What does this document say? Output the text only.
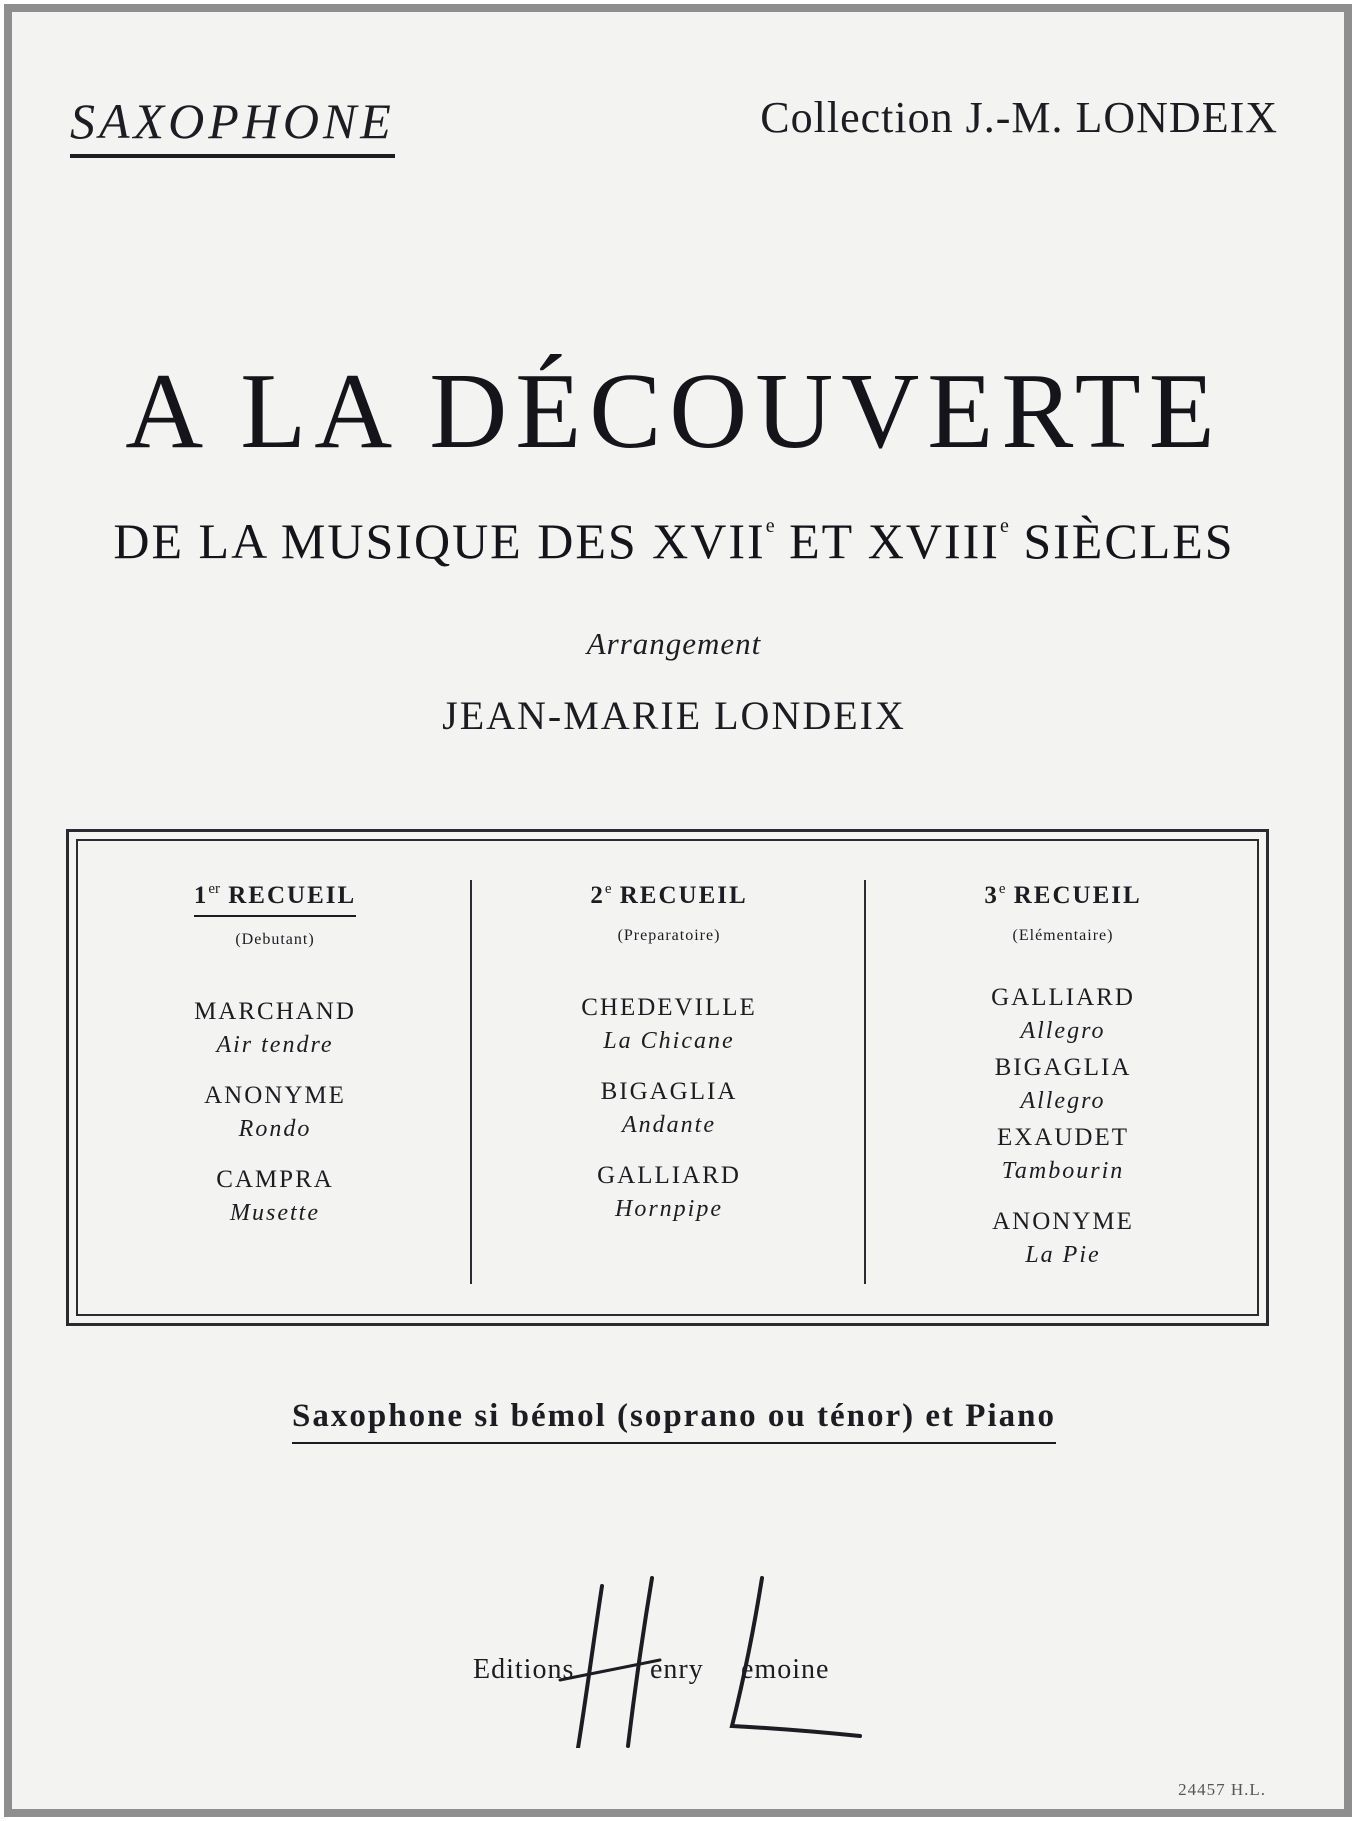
SAXOPHONE	Collection J.-M. LONDEIX
A LA DÉCOUVERTE
DE LA MUSIQUE DES XVIIe ET XVIIIe SIÈCLES
Arrangement
JEAN-MARIE LONDEIX
1er RECUEIL
(Debutant)
MARCHAND
Air tendre
ANONYME
Rondo
CAMPRA
Musette
2e RECUEIL
(Preparatoire)
CHEDEVILLE
La Chicane
BIGAGLIA
Andante
GALLIARD
Hornpipe
3e RECUEIL
(Elémentaire)
GALLIARD
Allegro
BIGAGLIA
Allegro
EXAUDET
Tambourin
ANONYME
La Pie
Saxophone si bémol (soprano ou ténor) et Piano
Editions	enry emoine
24457 H.L.
